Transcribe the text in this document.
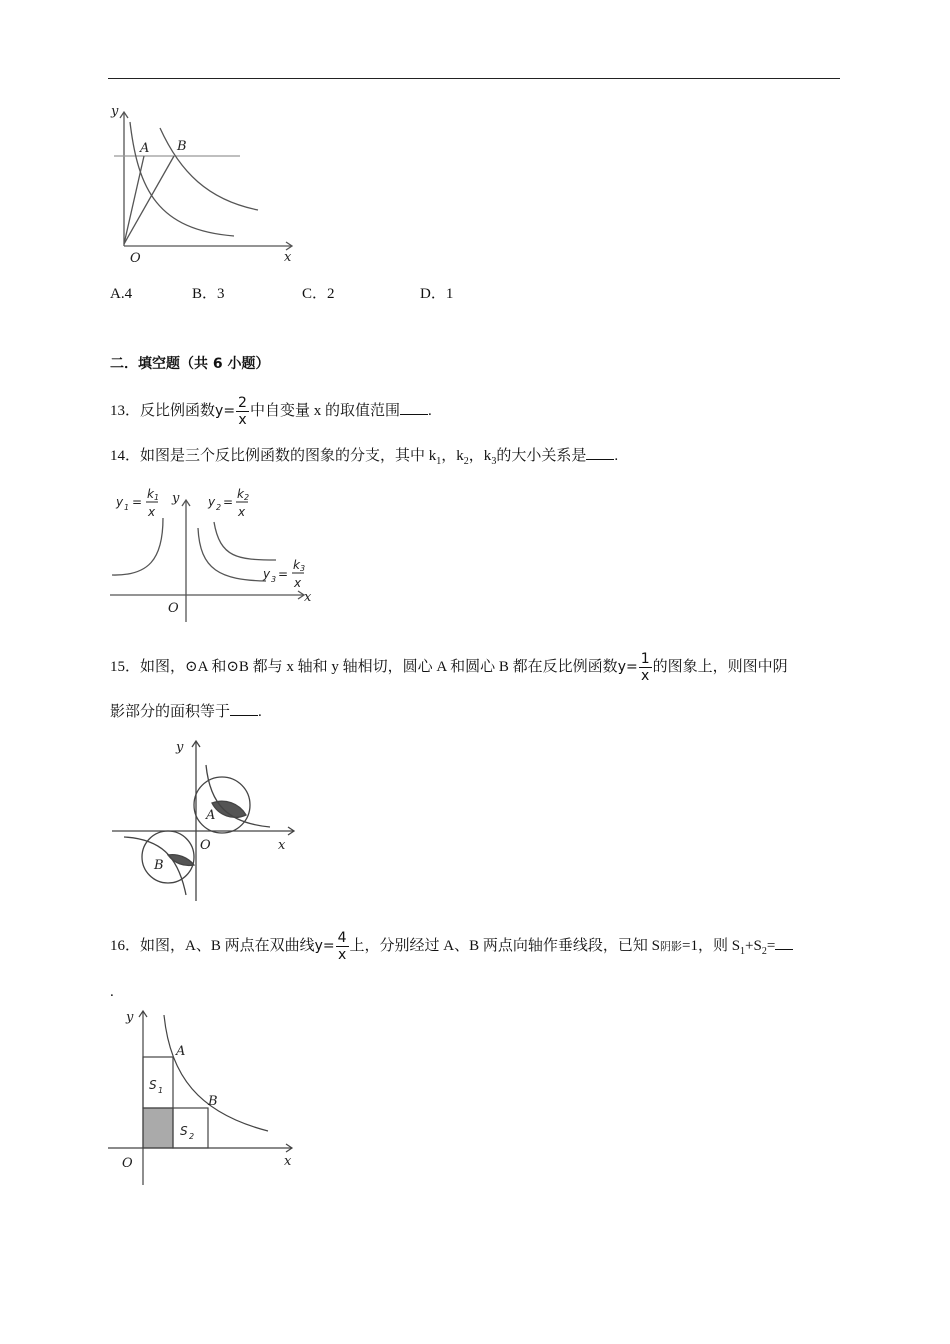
y
x
O
A B
A.4	B．3	C．2	D．1
二．填空题（共 6 小题）
13．反比例函数$y= \frac{2}{x}$ 中自变量 x 的取值范围 .
14．如图是三个反比例函数的图象的分支，其中 $k_1$，$k_2$，$k_3$的大小关系是 .
y 1 =
k 1
x
y y 2 =
k 2
x
y 3 =
k 3
x
x
O
15．如图，⊙A 和⊙B 都与 x 轴和 y 轴相切，圆心 A 和圆心 B 都在反比例函数$y= \frac{1}{x}$ 的图象上，则图中阴
影部分的面积等于 .
y
x
O
A
B
16．如图，A、B 两点在双曲线$y= \frac{4}{x}$ 上，分别经过 A、B 两点向轴作垂线段，已知 S阴影=1，则 $S_1+S_2=$
.
y
x
O
A
B
S 1
S 2
